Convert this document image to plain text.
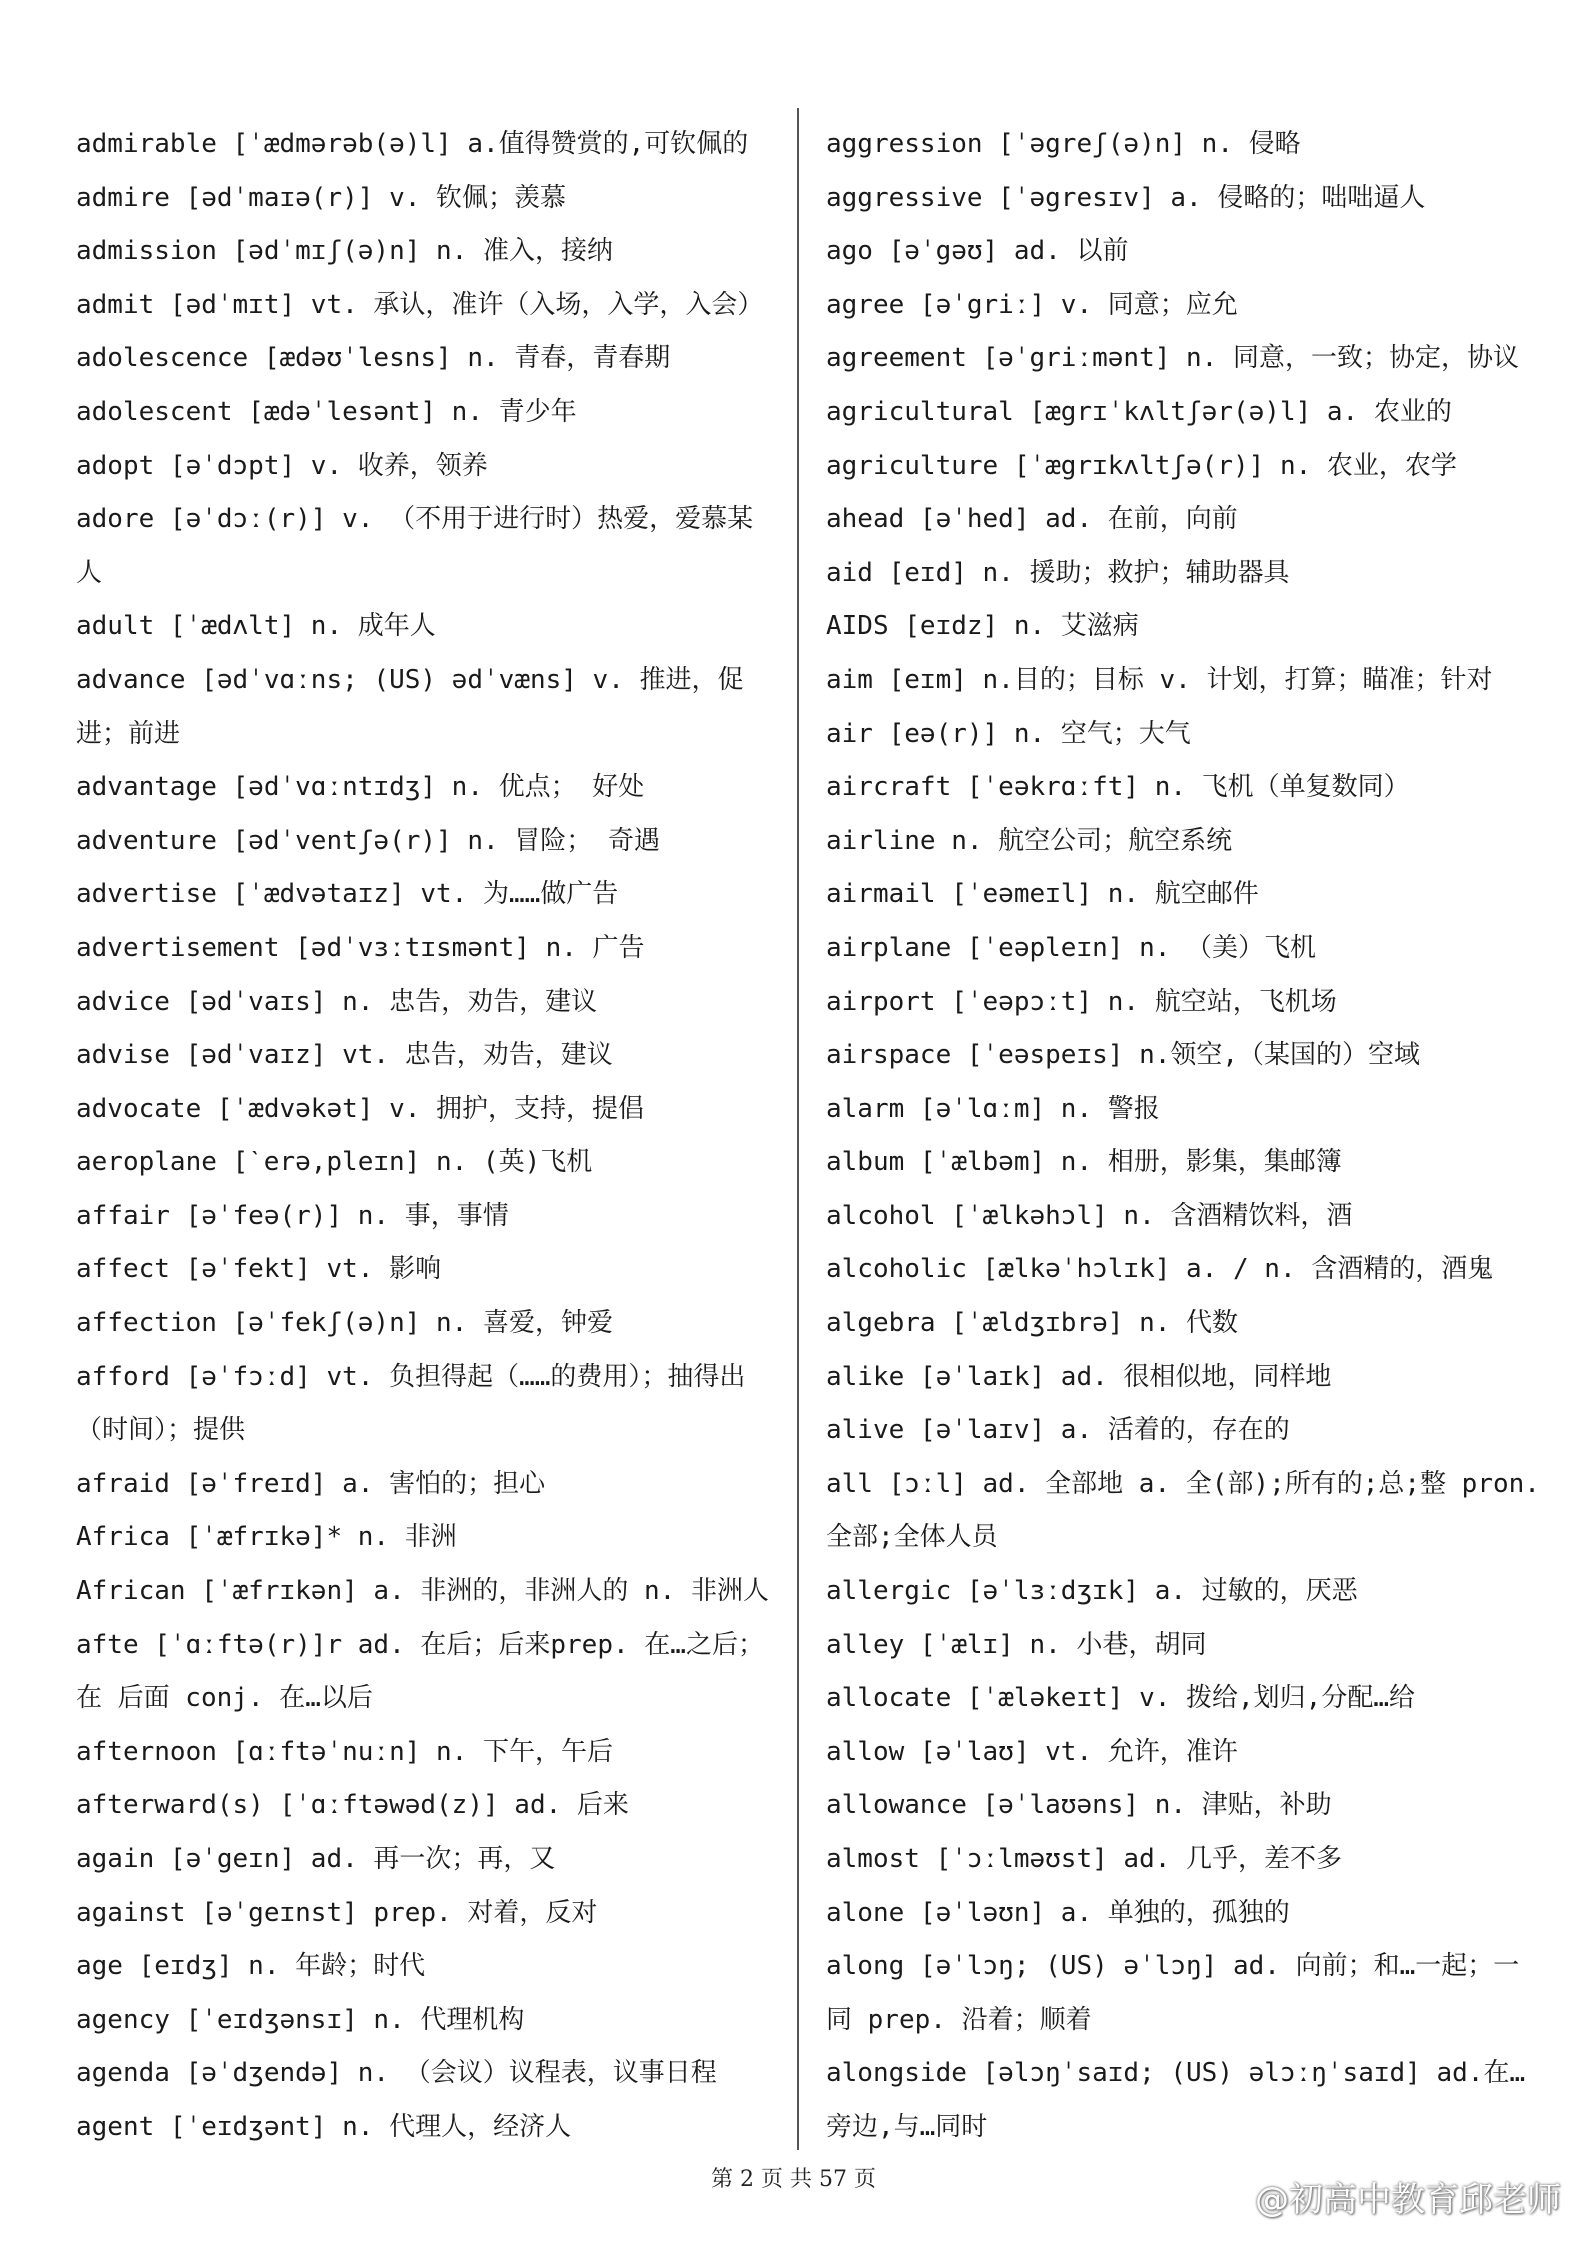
admirable [ˈædmərəb(ə)l] a.值得赞赏的,可钦佩的

admire [ədˈmaɪə(r)] v. 钦佩；羡慕

admission [ədˈmɪʃ(ə)n] n. 准入，接纳

admit [ədˈmɪt] vt. 承认，准许（入场，入学，入会）

adolescence [ædəʊˈlesns] n. 青春，青春期

adolescent [ædəˈlesənt] n. 青少年

adopt [əˈdɔpt] v. 收养，领养

adore [əˈdɔː(r)] v. （不用于进行时）热爱，爱慕某人

adult [ˈædʌlt] n. 成年人

advance [ədˈvɑːns; (US) ədˈvæns] v. 推进，促进；前进

advantage [ədˈvɑːntɪdʒ] n. 优点； 好处

adventure [ədˈventʃə(r)] n. 冒险； 奇遇

advertise [ˈædvətaɪz] vt. 为……做广告

advertisement [ədˈvɜːtɪsmənt] n. 广告

advice [ədˈvaɪs] n. 忠告，劝告，建议

advise [ədˈvaɪz] vt. 忠告，劝告，建议

advocate [ˈædvəkət] v. 拥护，支持，提倡

aeroplane [ˋerə,pleɪn] n. (英)飞机

affair [əˈfeə(r)] n. 事，事情

affect [əˈfekt] vt. 影响

affection [əˈfekʃ(ə)n] n. 喜爱，钟爱

afford [əˈfɔːd] vt. 负担得起（……的费用）；抽得出（时间）；提供

afraid [əˈfreɪd] a. 害怕的；担心

Africa [ˈæfrɪkə]* n. 非洲

African [ˈæfrɪkən] a. 非洲的，非洲人的 n. 非洲人

afte [ˈɑːftə(r)]r ad. 在后；后来prep. 在…之后；在 后面 conj. 在…以后

afternoon [ɑːftəˈnuːn] n. 下午，午后

afterward(s) [ˈɑːftəwəd(z)] ad. 后来

again [əˈgeɪn] ad. 再一次；再，又

against [əˈgeɪnst] prep. 对着，反对

age [eɪdʒ] n. 年龄；时代

agency [ˈeɪdʒənsɪ] n. 代理机构

agenda [əˈdʒendə] n. （会议）议程表，议事日程

agent [ˈeɪdʒənt] n. 代理人，经济人

aggression [ˈəgreʃ(ə)n] n. 侵略

aggressive [ˈəgresɪv] a. 侵略的；咄咄逼人

ago [əˈgəʊ] ad. 以前

agree [əˈgriː] v. 同意；应允

agreement [əˈgriːmənt] n. 同意，一致；协定，协议

agricultural [ægrɪˈkʌltʃər(ə)l] a. 农业的

agriculture [ˈægrɪkʌltʃə(r)] n. 农业，农学

ahead [əˈhed] ad. 在前，向前

aid [eɪd] n. 援助；救护；辅助器具

AIDS [eɪdz] n. 艾滋病

aim [eɪm] n.目的；目标 v. 计划，打算；瞄准；针对

air [eə(r)] n. 空气；大气

aircraft [ˈeəkrɑːft] n. 飞机（单复数同）

airline n. 航空公司；航空系统

airmail [ˈeəmeɪl] n. 航空邮件

airplane [ˈeəpleɪn] n. （美）飞机

airport [ˈeəpɔːt] n. 航空站，飞机场

airspace [ˈeəspeɪs] n.领空,（某国的）空域

alarm [əˈlɑːm] n. 警报

album [ˈælbəm] n. 相册，影集，集邮簿

alcohol [ˈælkəhɔl] n. 含酒精饮料，酒

alcoholic [ælkəˈhɔlɪk] a. / n. 含酒精的，酒鬼

algebra [ˈældʒɪbrə] n. 代数

alike [əˈlaɪk] ad. 很相似地，同样地

alive [əˈlaɪv] a. 活着的，存在的

all [ɔːl] ad. 全部地 a. 全(部);所有的;总;整 pron. 全部;全体人员

allergic [əˈlɜːdʒɪk] a. 过敏的，厌恶

alley [ˈælɪ] n. 小巷，胡同

allocate [ˈæləkeɪt] v. 拨给,划归,分配…给

allow [əˈlaʊ] vt. 允许，准许

allowance [əˈlaʊəns] n. 津贴，补助

almost [ˈɔːlməʊst] ad. 几乎，差不多

alone [əˈləʊn] a. 单独的，孤独的

along [əˈlɔŋ; (US) əˈlɔŋ] ad. 向前；和…一起；一同 prep. 沿着；顺着

alongside [əlɔŋˈsaɪd; (US) əlɔːŋˈsaɪd] ad.在…旁边,与…同时

第 2 页 共 57 页
@初高中教育邱老师
